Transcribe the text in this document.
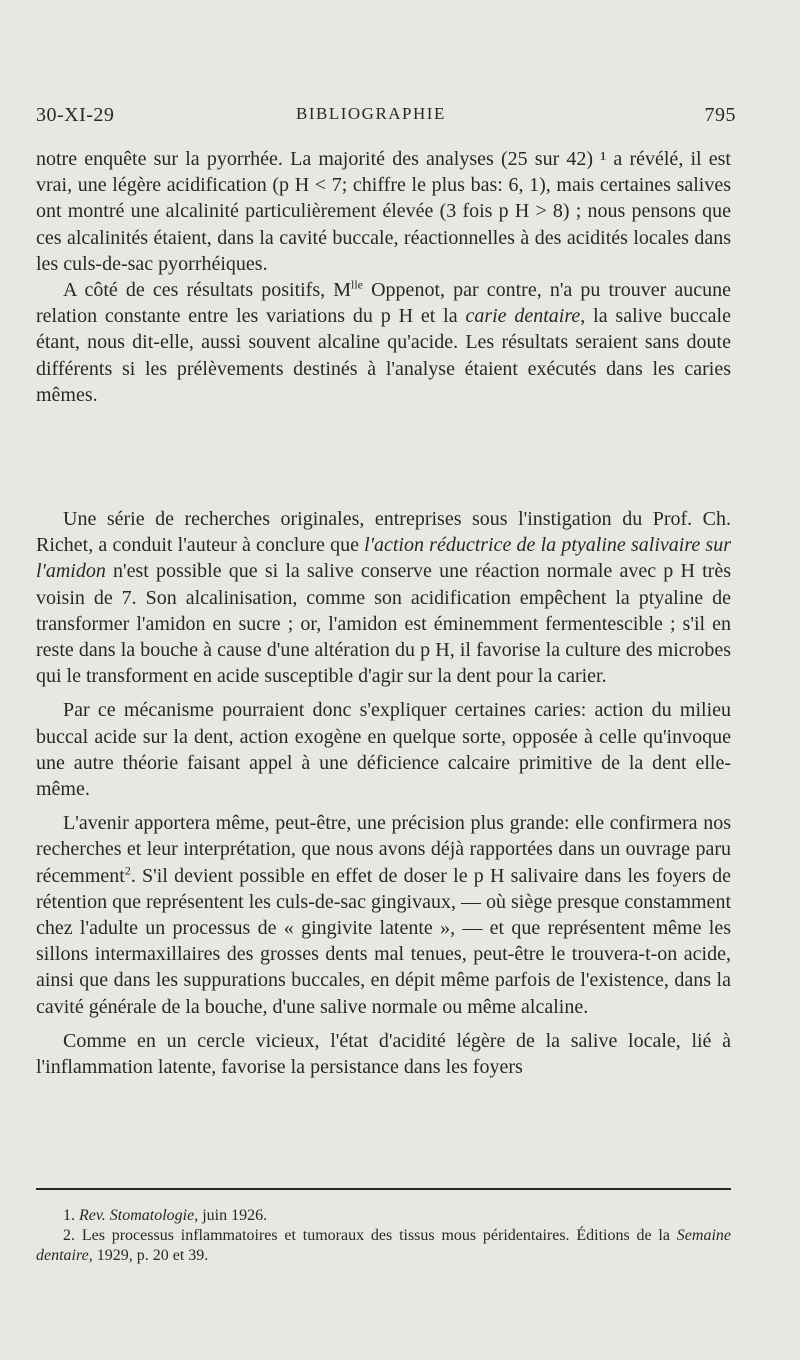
30-XI-29	BIBLIOGRAPHIE	795

notre enquête sur la pyorrhée. La majorité des analyses (25 sur 42) ¹ a révélé, il est vrai, une légère acidification (p H < 7; chiffre le plus bas: 6, 1), mais certaines salives ont montré une alcalinité particulièrement élevée (3 fois p H > 8) ; nous pensons que ces alcalinités étaient, dans la cavité buccale, réactionnelles à des acidités locales dans les culs-de-sac pyorrhéiques.

A côté de ces résultats positifs, $M^{lle}$ Oppenot, par contre, n'a pu trouver aucune relation constante entre les variations du p H et la carie dentaire, la salive buccale étant, nous dit-elle, aussi souvent alcaline qu'acide. Les résultats seraient sans doute différents si les prélèvements destinés à l'analyse étaient exécutés dans les caries mêmes.

Une série de recherches originales, entreprises sous l'instigation du Prof. Ch. Richet, a conduit l'auteur à conclure que l'action réductrice de la ptyaline salivaire sur l'amidon n'est possible que si la salive conserve une réaction normale avec p H très voisin de 7. Son alcalinisation, comme son acidification empêchent la ptyaline de transformer l'amidon en sucre ; or, l'amidon est éminemment fermentescible ; s'il en reste dans la bouche à cause d'une altération du p H, il favorise la culture des microbes qui le transforment en acide susceptible d'agir sur la dent pour la carier.

Par ce mécanisme pourraient donc s'expliquer certaines caries: action du milieu buccal acide sur la dent, action exogène en quelque sorte, opposée à celle qu'invoque une autre théorie faisant appel à une déficience calcaire primitive de la dent elle-même.

L'avenir apportera même, peut-être, une précision plus grande: elle confirmera nos recherches et leur interprétation, que nous avons déjà rapportées dans un ouvrage paru récemment$^2$. S'il devient possible en effet de doser le p H salivaire dans les foyers de rétention que représentent les culs-de-sac gingivaux, — où siège presque constamment chez l'adulte un processus de « gingivite latente », — et que représentent même les sillons intermaxillaires des grosses dents mal tenues, peut-être le trouvera-t-on acide, ainsi que dans les suppurations buccales, en dépit même parfois de l'existence, dans la cavité générale de la bouche, d'une salive normale ou même alcaline.

Comme en un cercle vicieux, l'état d'acidité légère de la salive locale, lié à l'inflammation latente, favorise la persistance dans les foyers

1. Rev. Stomatologie, juin 1926.

2. Les processus inflammatoires et tumoraux des tissus mous péridentaires. Éditions de la Semaine dentaire, 1929, p. 20 et 39.
